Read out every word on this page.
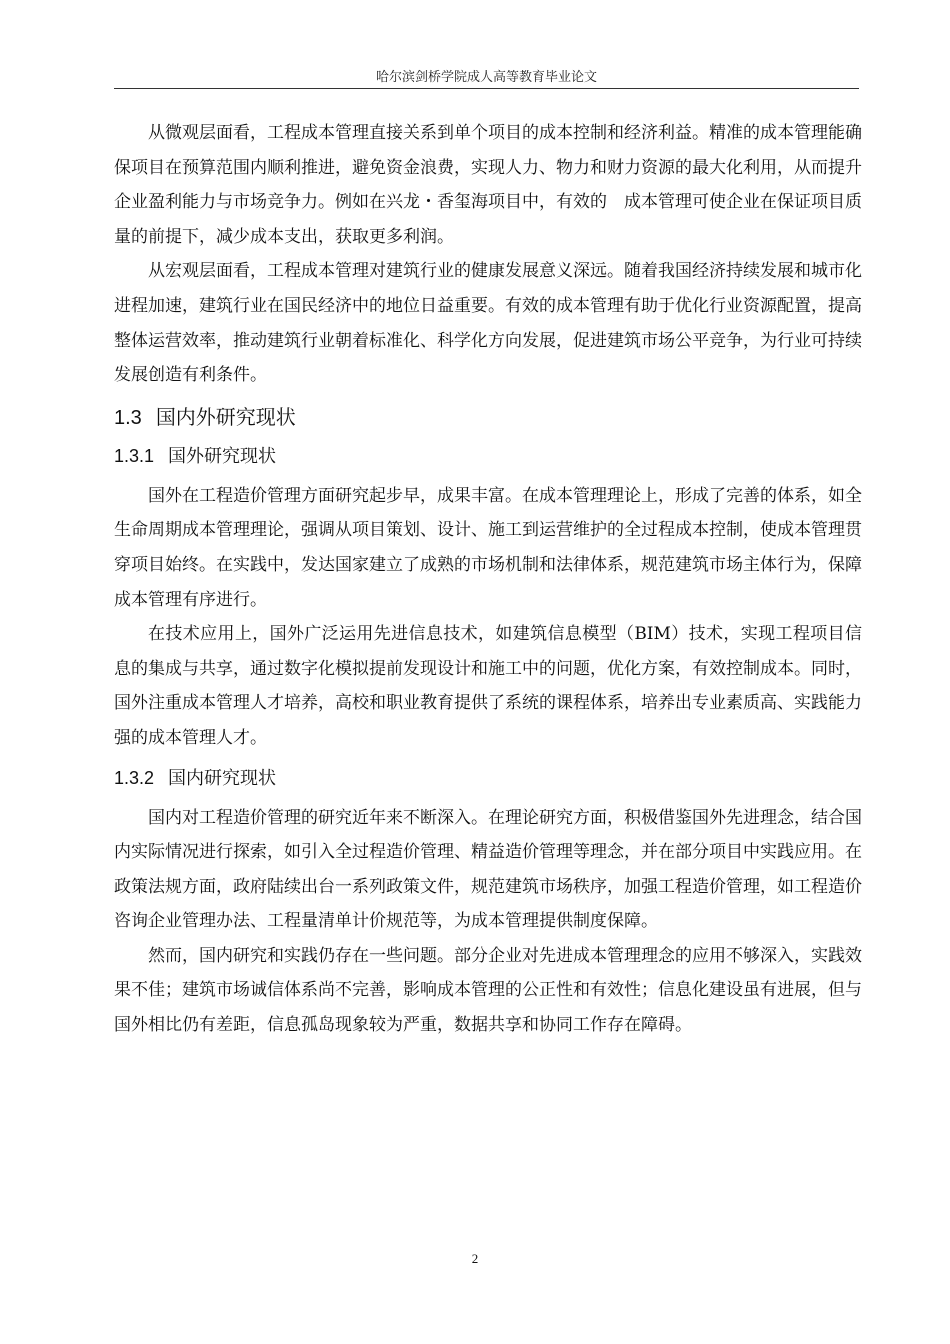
哈尔滨剑桥学院成人高等教育毕业论文

从微观层面看，工程成本管理直接关系到单个项目的成本控制和经济利益。精准的成本管理能确保项目在预算范围内顺利推进，避免资金浪费，实现人力、物力和财力资源的最大化利用，从而提升企业盈利能力与市场竞争力。例如在兴龙・香玺海项目中，有效的　成本管理可使企业在保证项目质量的前提下，减少成本支出，获取更多利润。

从宏观层面看，工程成本管理对建筑行业的健康发展意义深远。随着我国经济持续发展和城市化进程加速，建筑行业在国民经济中的地位日益重要。有效的成本管理有助于优化行业资源配置，提高整体运营效率，推动建筑行业朝着标准化、科学化方向发展，促进建筑市场公平竞争，为行业可持续发展创造有利条件。

1.3 国内外研究现状
1.3.1 国外研究现状

国外在工程造价管理方面研究起步早，成果丰富。在成本管理理论上，形成了完善的体系，如全生命周期成本管理理论，强调从项目策划、设计、施工到运营维护的全过程成本控制，使成本管理贯穿项目始终。在实践中，发达国家建立了成熟的市场机制和法律体系，规范建筑市场主体行为，保障成本管理有序进行。

在技术应用上，国外广泛运用先进信息技术，如建筑信息模型（BIM）技术，实现工程项目信息的集成与共享，通过数字化模拟提前发现设计和施工中的问题，优化方案，有效控制成本。同时，国外注重成本管理人才培养，高校和职业教育提供了系统的课程体系，培养出专业素质高、实践能力强的成本管理人才。

1.3.2 国内研究现状

国内对工程造价管理的研究近年来不断深入。在理论研究方面，积极借鉴国外先进理念，结合国内实际情况进行探索，如引入全过程造价管理、精益造价管理等理念，并在部分项目中实践应用。在政策法规方面，政府陆续出台一系列政策文件，规范建筑市场秩序，加强工程造价管理，如工程造价咨询企业管理办法、工程量清单计价规范等，为成本管理提供制度保障。

然而，国内研究和实践仍存在一些问题。部分企业对先进成本管理理念的应用不够深入，实践效果不佳；建筑市场诚信体系尚不完善，影响成本管理的公正性和有效性；信息化建设虽有进展，但与国外相比仍有差距，信息孤岛现象较为严重，数据共享和协同工作存在障碍。

2
